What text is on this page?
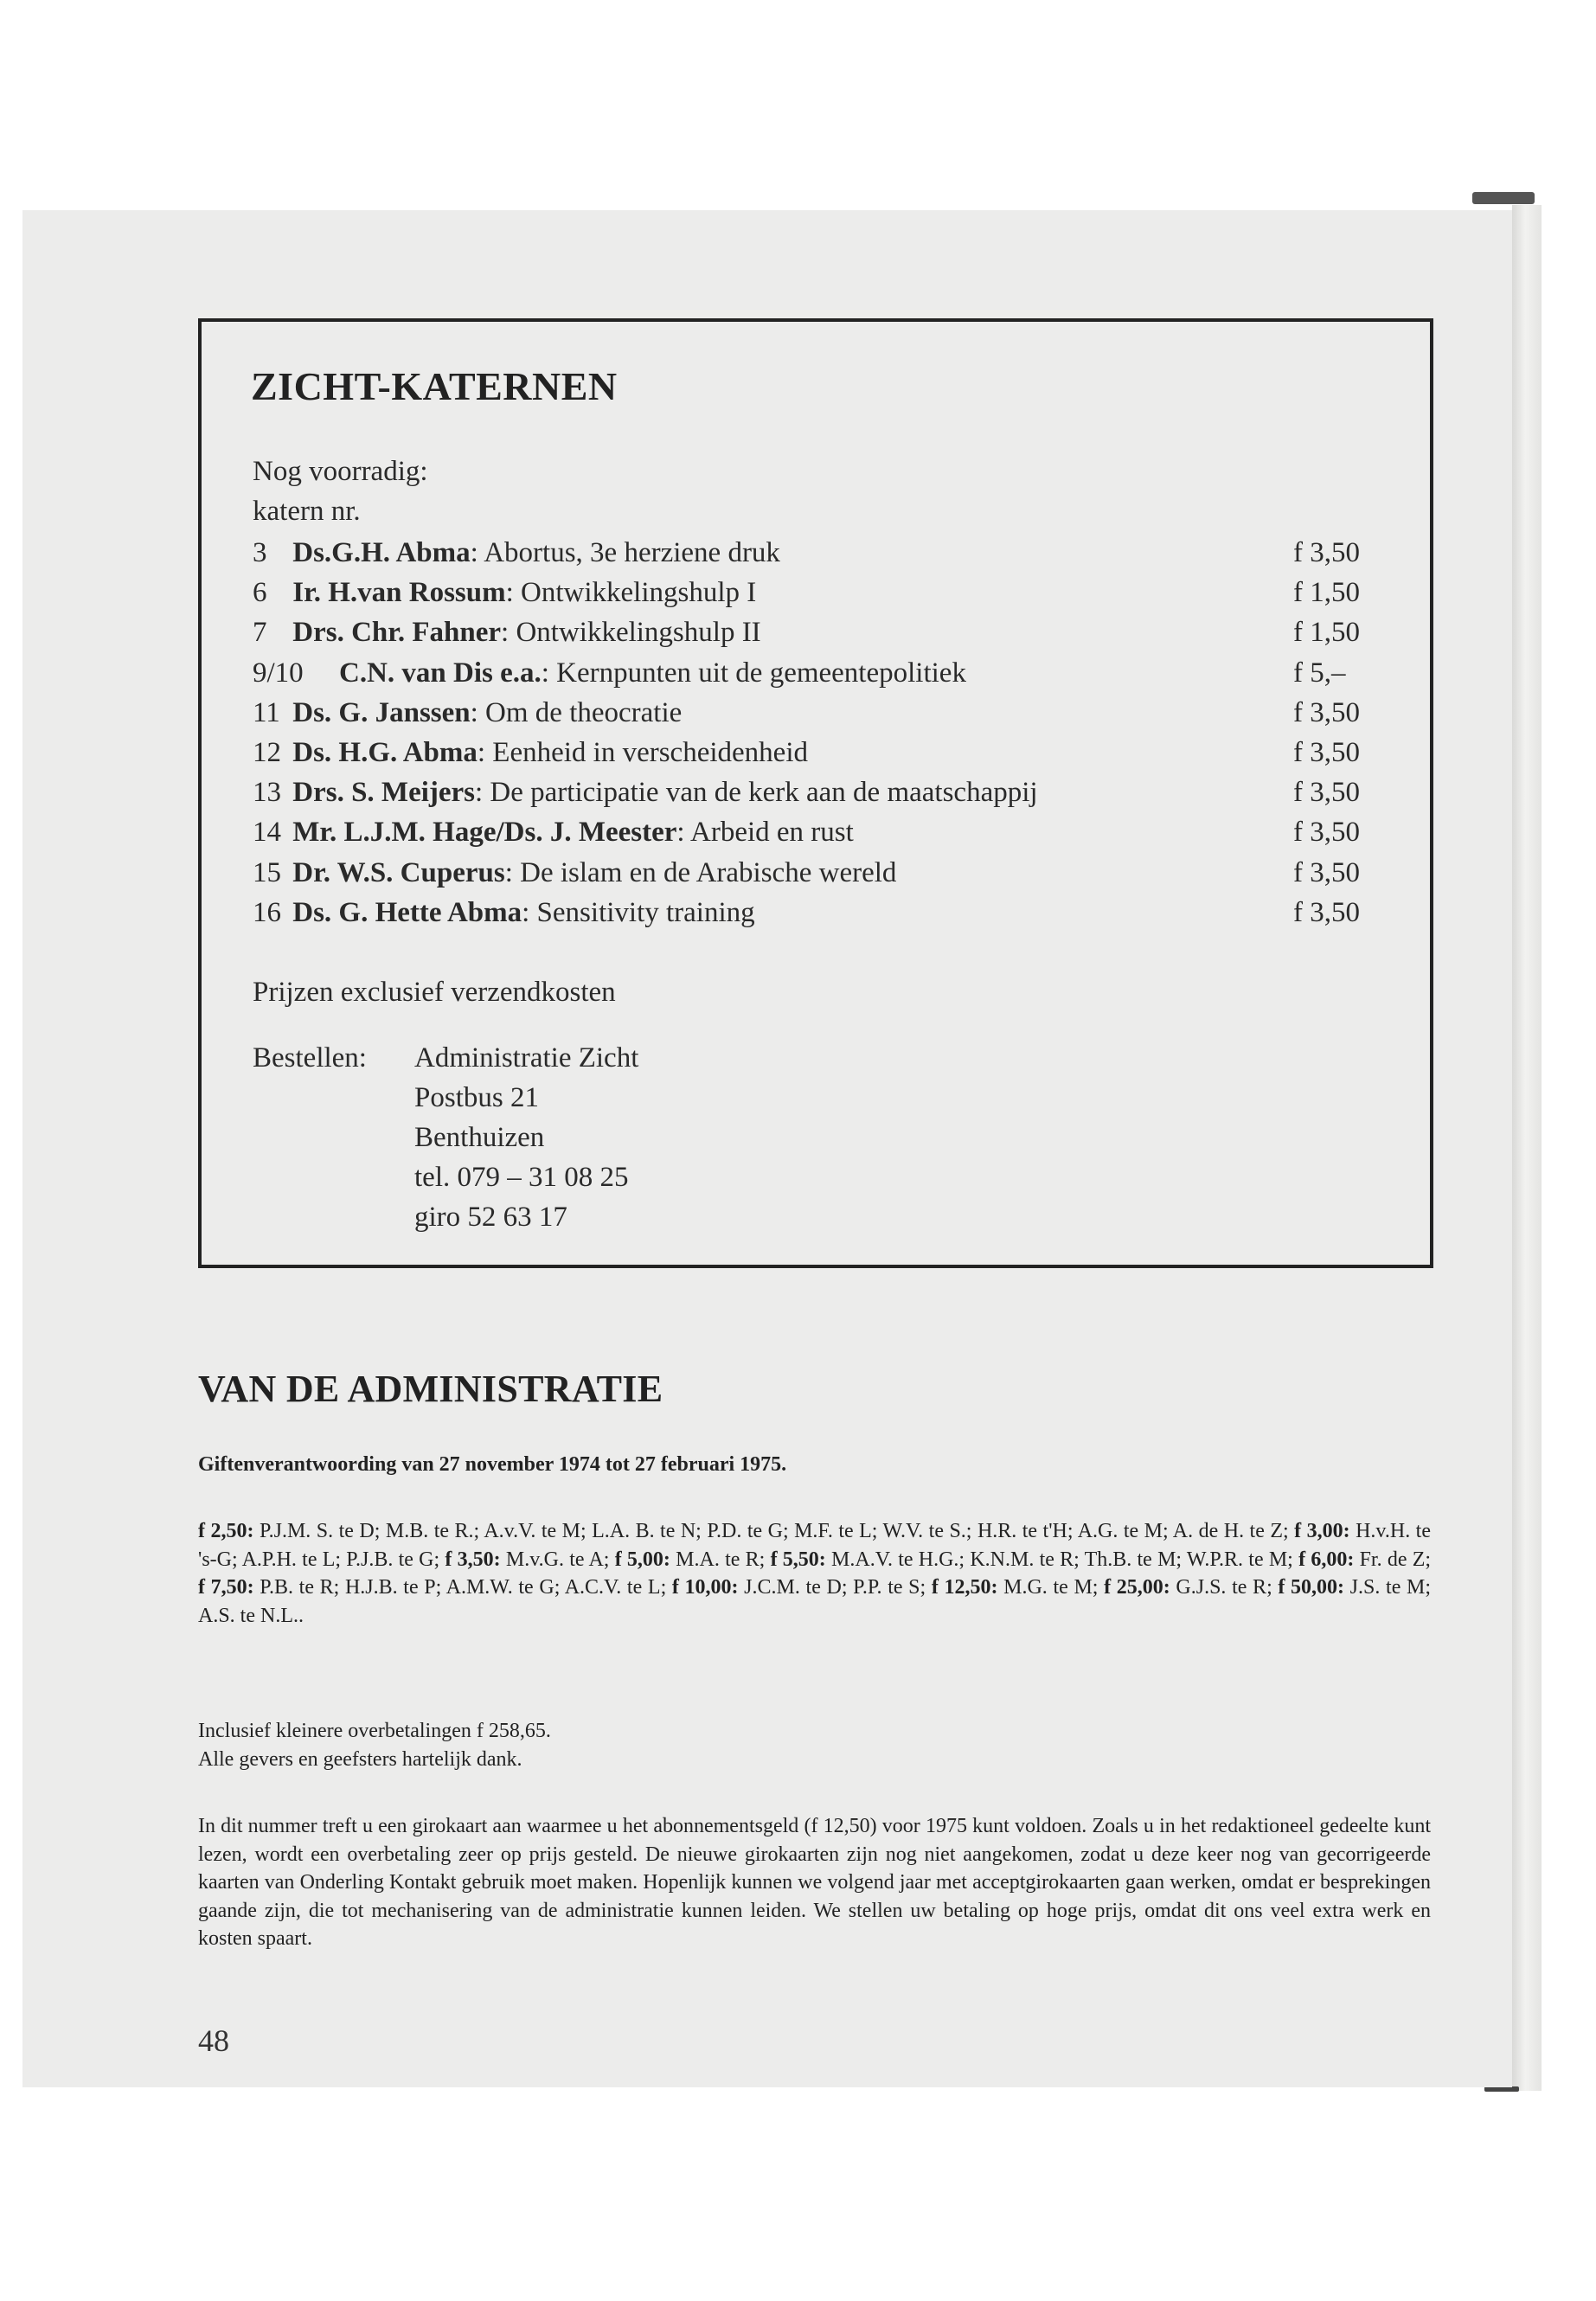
ZICHT-KATERNEN
Nog voorradig:
katern nr.
3 Ds.G.H. Abma: Abortus, 3e herziene druk	f 3,50
6 Ir. H.van Rossum: Ontwikkelingshulp I	f 1,50
7 Drs. Chr. Fahner: Ontwikkelingshulp II	f 1,50
9/10 C.N. van Dis e.a.: Kernpunten uit de gemeentepolitiek	f 5,–
11 Ds. G. Janssen: Om de theocratie	f 3,50
12 Ds. H.G. Abma: Eenheid in verscheidenheid	f 3,50
13 Drs. S. Meijers: De participatie van de kerk aan de maatschappij	f 3,50
14 Mr. L.J.M. Hage/Ds. J. Meester: Arbeid en rust	f 3,50
15 Dr. W.S. Cuperus: De islam en de Arabische wereld	f 3,50
16 Ds. G. Hette Abma: Sensitivity training	f 3,50
Prijzen exclusief verzendkosten
Bestellen: Administratie Zicht
Postbus 21
Benthuizen
tel. 079 – 31 08 25
giro 52 63 17
VAN DE ADMINISTRATIE
Giftenverantwoording van 27 november 1974 tot 27 februari 1975.
f 2,50: P.J.M. S. te D; M.B. te R.; A.v.V. te M; L.A. B. te N; P.D. te G; M.F. te L; W.V. te S.; H.R. te t'H; A.G. te M; A. de H. te Z; f 3,00: H.v.H. te 's-G; A.P.H. te L; P.J.B. te G; f 3,50: M.v.G. te A; f 5,00: M.A. te R; f 5,50: M.A.V. te H.G.; K.N.M. te R; Th.B. te M; W.P.R. te M; f 6,00: Fr. de Z; f 7,50: P.B. te R; H.J.B. te P; A.M.W. te G; A.C.V. te L; f 10,00: J.C.M. te D; P.P. te S; f 12,50: M.G. te M; f 25,00: G.J.S. te R; f 50,00: J.S. te M; A.S. te N.L..
Inclusief kleinere overbetalingen f 258,65.
Alle gevers en geefsters hartelijk dank.
In dit nummer treft u een girokaart aan waarmee u het abonnementsgeld (f 12,50) voor 1975 kunt voldoen. Zoals u in het redaktioneel gedeelte kunt lezen, wordt een overbetaling zeer op prijs gesteld. De nieuwe girokaarten zijn nog niet aangekomen, zodat u deze keer nog van gecorrigeerde kaarten van Onderling Kontakt gebruik moet maken. Hopenlijk kunnen we volgend jaar met acceptgirokaarten gaan werken, omdat er besprekingen gaande zijn, die tot mechanisering van de administratie kunnen leiden. We stellen uw betaling op hoge prijs, omdat dit ons veel extra werk en kosten spaart.
48
